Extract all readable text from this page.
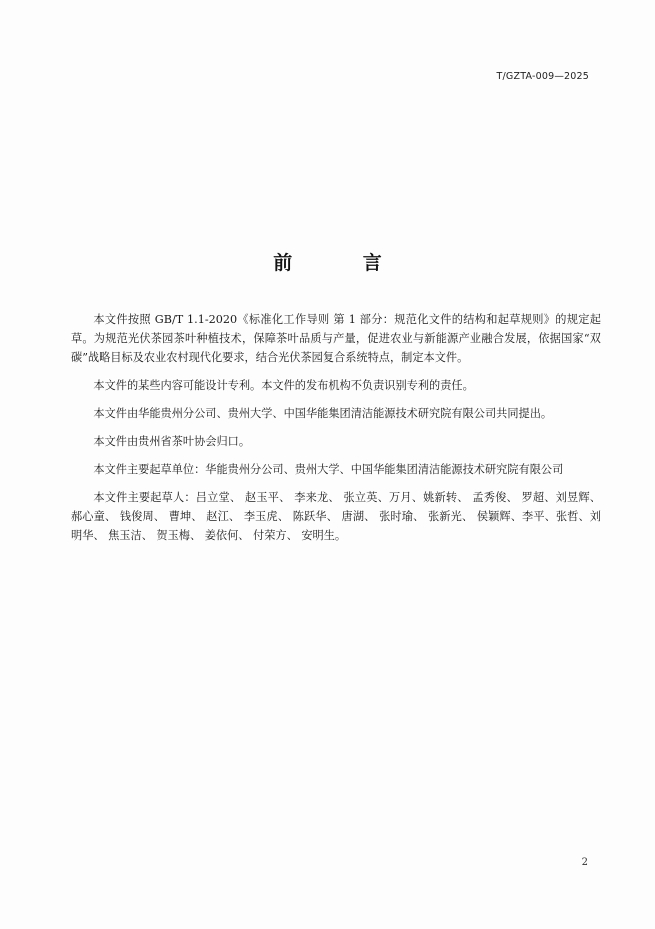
T/GZTA-009—2025
前 言

本文件按照 GB/T 1.1-2020《标准化工作导则 第 1 部分：规范化文件的结构和起草规则》的规定起草。为规范光伏茶园茶叶种植技术，保障茶叶品质与产量，促进农业与新能源产业融合发展，依据国家“双碳”战略目标及农业农村现代化要求，结合光伏茶园复合系统特点，制定本文件。

本文件的某些内容可能设计专利。本文件的发布机构不负责识别专利的责任。

本文件由华能贵州分公司、贵州大学、中国华能集团清洁能源技术研究院有限公司共同提出。

本文件由贵州省茶叶协会归口。

本文件主要起草单位：华能贵州分公司、贵州大学、中国华能集团清洁能源技术研究院有限公司

本文件主要起草人：吕立堂、 赵玉平、 李来龙、 张立英、万月、姚新转、 孟秀俊、 罗超、刘昱辉、 郝心童、 钱俊周、 曹坤、 赵江、 李玉虎、 陈跃华、 唐湖、 张时瑜、 张新光、 侯颖辉、李平、张哲、刘明华、 焦玉洁、 贺玉梅、 姜依何、 付荣方、 安明生。

2
